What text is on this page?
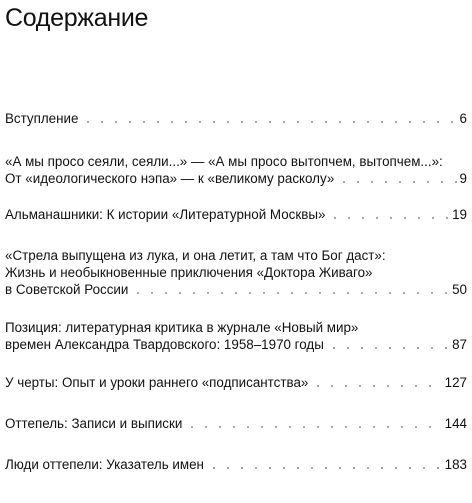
Содержание
Вступление	6
«А мы просо сеяли, сеяли...» — «А мы просо вытопчем, вытопчем...»:
От «идеологического нэпа» — к «великому расколу»	9
Альманашники: К истории «Литературной Москвы»	19
«Стрела выпущена из лука, и она летит, а там что Бог даст»:
Жизнь и необыкновенные приключения «Доктора Живаго»
в Советской России	50
Позиция: литературная критика в журнале «Новый мир»
времен Александра Твардовского: 1958–1970 годы	87
У черты: Опыт и уроки раннего «подписантства»	127
Оттепель: Записи и выписки	144
Люди оттепели: Указатель имен	183
